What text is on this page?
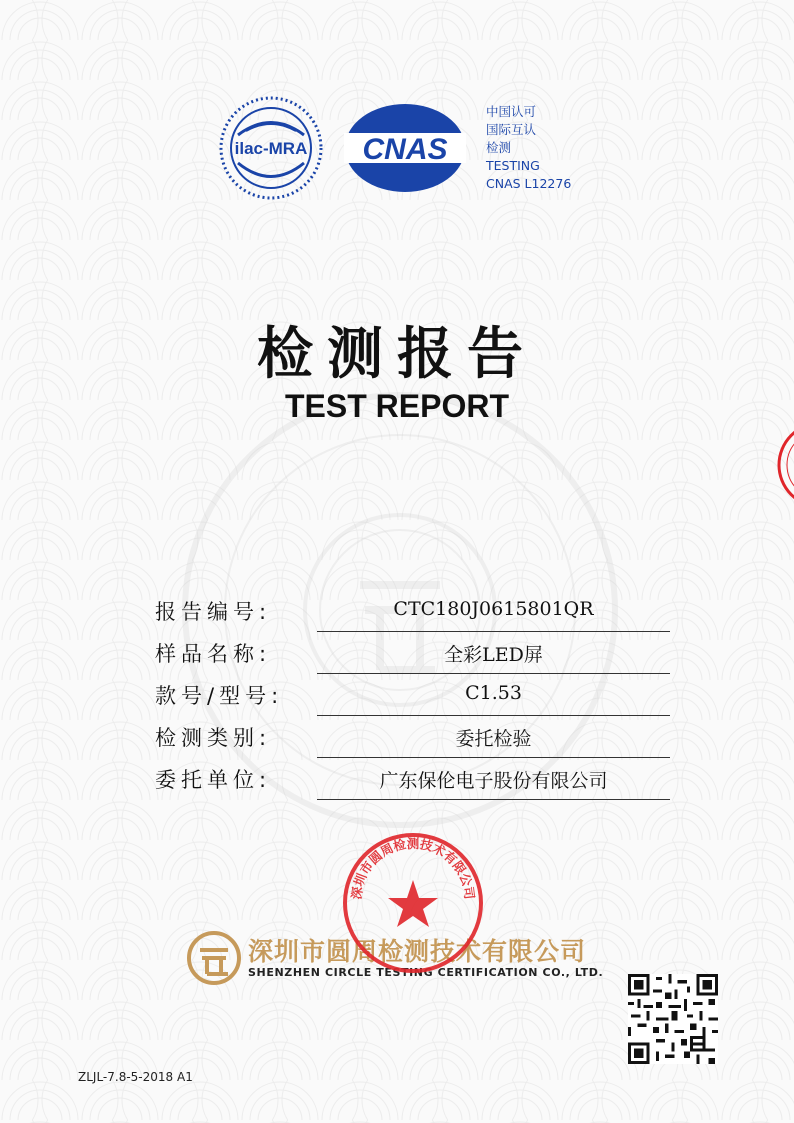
ilac-MRA CNAS
中国认可
国际互认
检测
TESTING
CNAS L12276
检测报告
TEST REPORT
报告编号:	CTC180J0615801QR
样品名称:	全彩LED屏
款号/型号:	C1.53
检测类别:	委托检验
委托单位:	广东保伦电子股份有限公司
深圳市圆周检测技术有限公司
SHENZHEN CIRCLE TESTING CERTIFICATION CO., LTD.
深圳市圆周检测技术有限公司
ZLJL-7.8-5-2018 A1
